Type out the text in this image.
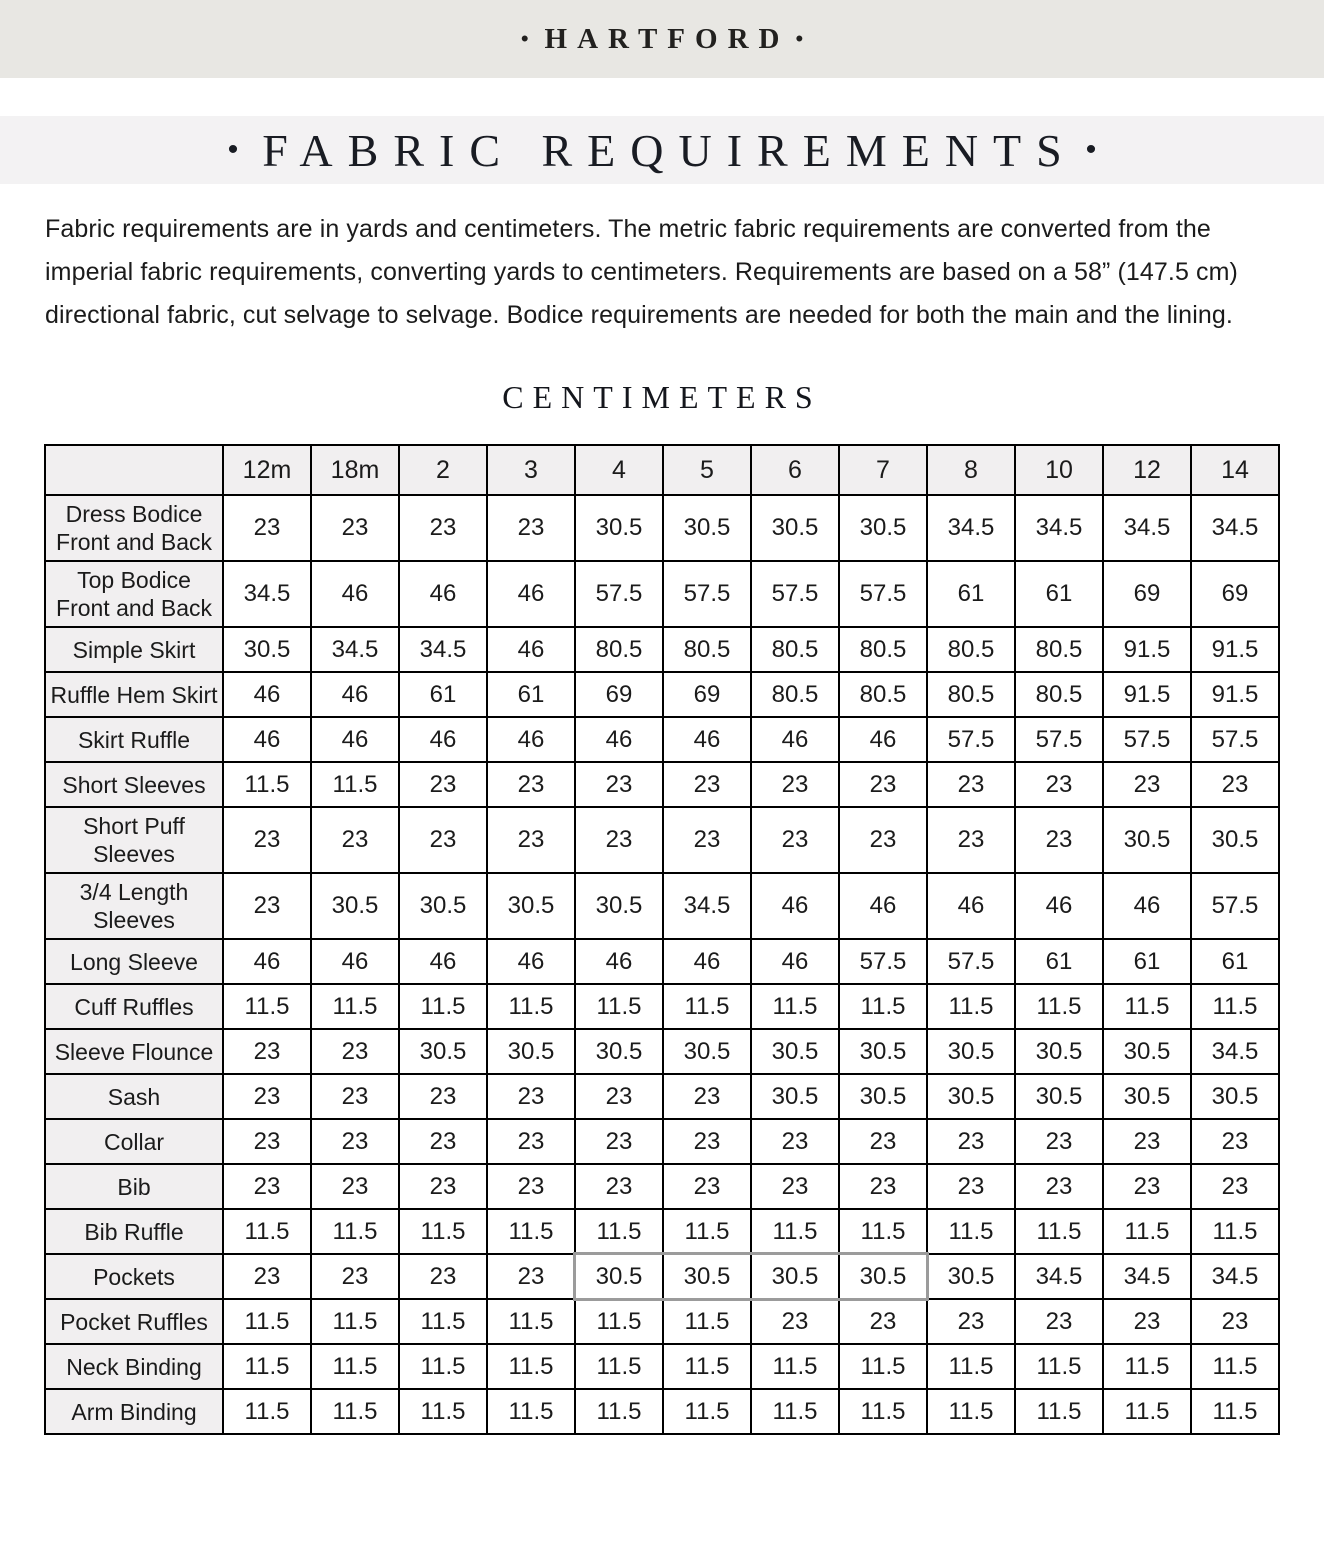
• HARTFORD •
• FABRIC REQUIREMENTS •

Fabric requirements are in yards and centimeters. The metric fabric requirements are converted from the imperial fabric requirements, converting yards to centimeters. Requirements are based on a 58” (147.5 cm) directional fabric, cut selvage to selvage. Bodice requirements are needed for both the main and the lining.

CENTIMETERS
	12m	18m	2	3	4	5	6	7	8	10	12	14
Dress Bodice Front and Back	23	23	23	23	30.5	30.5	30.5	30.5	34.5	34.5	34.5	34.5
Top Bodice Front and Back	34.5	46	46	46	57.5	57.5	57.5	57.5	61	61	69	69
Simple Skirt	30.5	34.5	34.5	46	80.5	80.5	80.5	80.5	80.5	80.5	91.5	91.5
Ruffle Hem Skirt	46	46	61	61	69	69	80.5	80.5	80.5	80.5	91.5	91.5
Skirt Ruffle	46	46	46	46	46	46	46	46	57.5	57.5	57.5	57.5
Short Sleeves	11.5	11.5	23	23	23	23	23	23	23	23	23	23
Short Puff Sleeves	23	23	23	23	23	23	23	23	23	23	30.5	30.5
3/4 Length Sleeves	23	30.5	30.5	30.5	30.5	34.5	46	46	46	46	46	57.5
Long Sleeve	46	46	46	46	46	46	46	57.5	57.5	61	61	61
Cuff Ruffles	11.5	11.5	11.5	11.5	11.5	11.5	11.5	11.5	11.5	11.5	11.5	11.5
Sleeve Flounce	23	23	30.5	30.5	30.5	30.5	30.5	30.5	30.5	30.5	30.5	34.5
Sash	23	23	23	23	23	23	30.5	30.5	30.5	30.5	30.5	30.5
Collar	23	23	23	23	23	23	23	23	23	23	23	23
Bib	23	23	23	23	23	23	23	23	23	23	23	23
Bib Ruffle	11.5	11.5	11.5	11.5	11.5	11.5	11.5	11.5	11.5	11.5	11.5	11.5
Pockets	23	23	23	23	30.5	30.5	30.5	30.5	30.5	34.5	34.5	34.5
Pocket Ruffles	11.5	11.5	11.5	11.5	11.5	11.5	23	23	23	23	23	23
Neck Binding	11.5	11.5	11.5	11.5	11.5	11.5	11.5	11.5	11.5	11.5	11.5	11.5
Arm Binding	11.5	11.5	11.5	11.5	11.5	11.5	11.5	11.5	11.5	11.5	11.5	11.5
